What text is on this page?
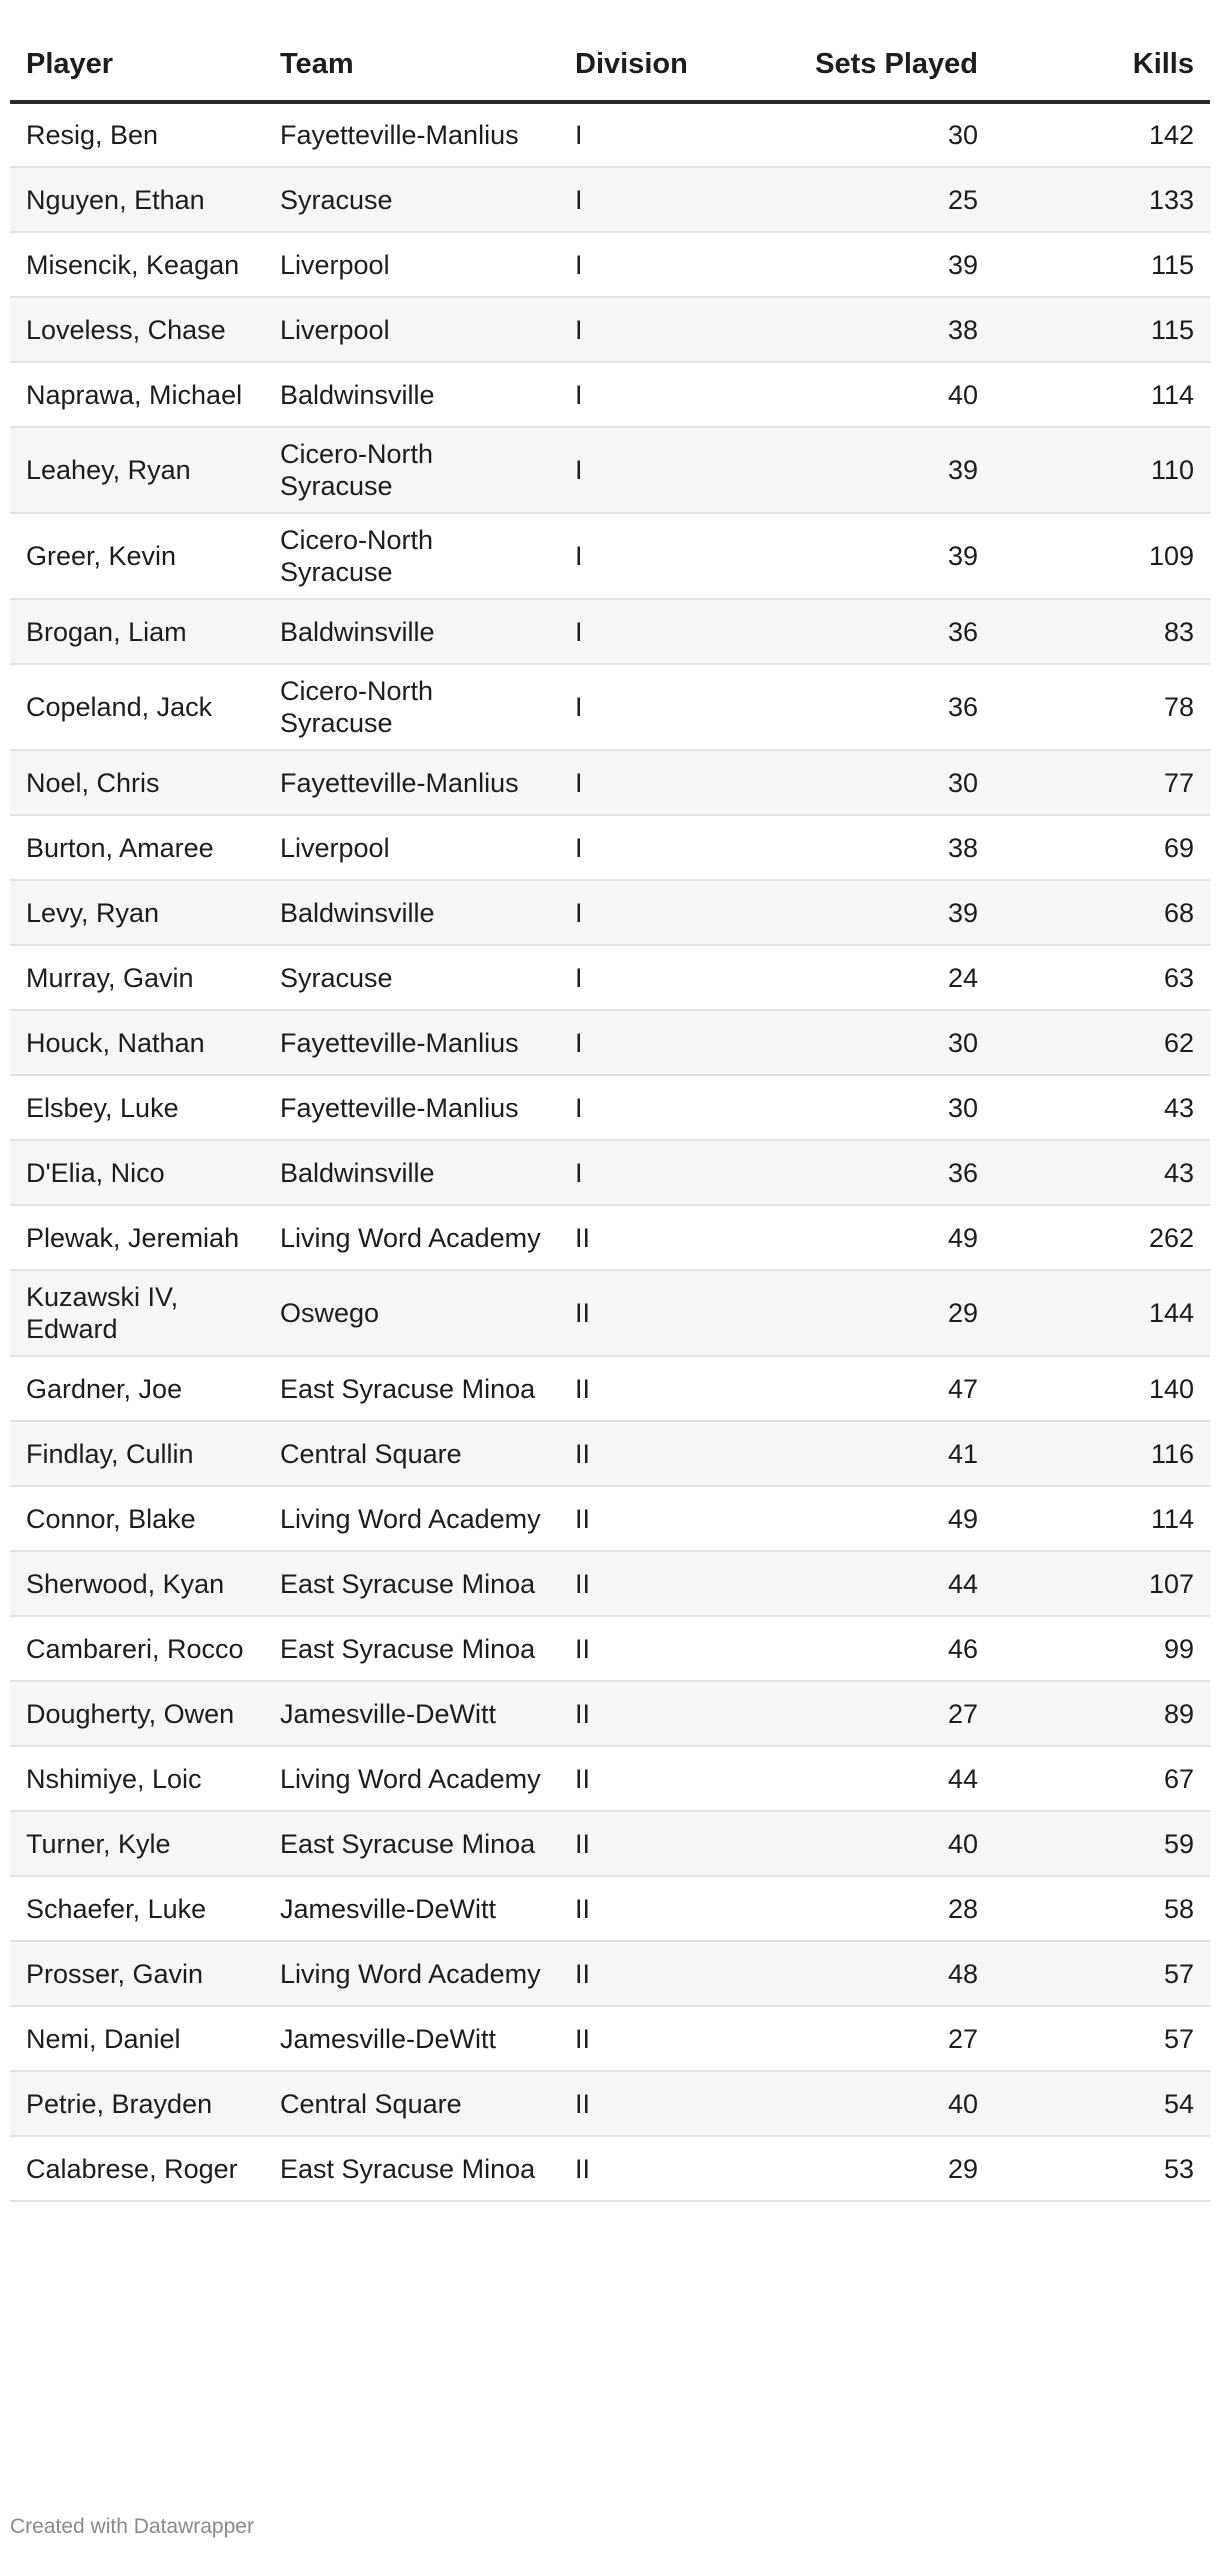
Player	Team	Division	Sets Played	Kills
Resig, Ben	Fayetteville-Manlius	I	30	142
Nguyen, Ethan	Syracuse	I	25	133
Misencik, Keagan	Liverpool	I	39	115
Loveless, Chase	Liverpool	I	38	115
Naprawa, Michael	Baldwinsville	I	40	114
Leahey, Ryan	Cicero-North Syracuse	I	39	110
Greer, Kevin	Cicero-North Syracuse	I	39	109
Brogan, Liam	Baldwinsville	I	36	83
Copeland, Jack	Cicero-North Syracuse	I	36	78
Noel, Chris	Fayetteville-Manlius	I	30	77
Burton, Amaree	Liverpool	I	38	69
Levy, Ryan	Baldwinsville	I	39	68
Murray, Gavin	Syracuse	I	24	63
Houck, Nathan	Fayetteville-Manlius	I	30	62
Elsbey, Luke	Fayetteville-Manlius	I	30	43
D'Elia, Nico	Baldwinsville	I	36	43
Plewak, Jeremiah	Living Word Academy	II	49	262
Kuzawski IV, Edward	Oswego	II	29	144
Gardner, Joe	East Syracuse Minoa	II	47	140
Findlay, Cullin	Central Square	II	41	116
Connor, Blake	Living Word Academy	II	49	114
Sherwood, Kyan	East Syracuse Minoa	II	44	107
Cambareri, Rocco	East Syracuse Minoa	II	46	99
Dougherty, Owen	Jamesville-DeWitt	II	27	89
Nshimiye, Loic	Living Word Academy	II	44	67
Turner, Kyle	East Syracuse Minoa	II	40	59
Schaefer, Luke	Jamesville-DeWitt	II	28	58
Prosser, Gavin	Living Word Academy	II	48	57
Nemi, Daniel	Jamesville-DeWitt	II	27	57
Petrie, Brayden	Central Square	II	40	54
Calabrese, Roger	East Syracuse Minoa	II	29	53
Created with Datawrapper
